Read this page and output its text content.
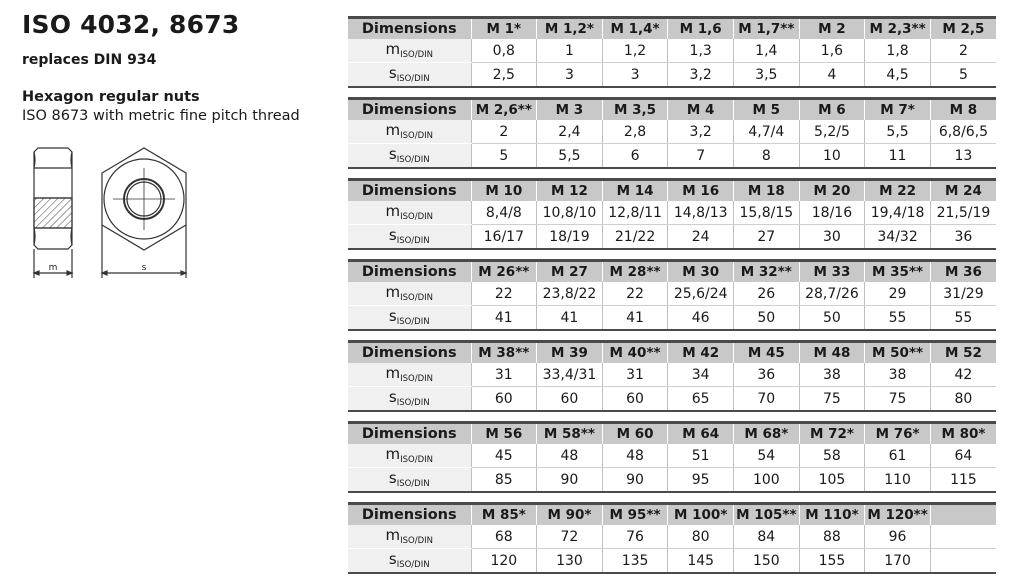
ISO 4032, 8673
replaces DIN 934
Hexagon regular nuts
ISO 8673 with metric fine pitch thread
m	s
Dimensions	M 1*	M 1,2*	M 1,4*	M 1,6	M 1,7**	M 2	M 2,3**	M 2,5
$m_{ISO/DIN}$	0,8	1	1,2	1,3	1,4	1,6	1,8	2
$s_{ISO/DIN}$	2,5	3	3	3,2	3,5	4	4,5	5
Dimensions	M 2,6**	M 3	M 3,5	M 4	M 5	M 6	M 7*	M 8
$m_{ISO/DIN}$	2	2,4	2,8	3,2	4,7/4	5,2/5	5,5	6,8/6,5
$s_{ISO/DIN}$	5	5,5	6	7	8	10	11	13
Dimensions	M 10	M 12	M 14	M 16	M 18	M 20	M 22	M 24
$m_{ISO/DIN}$	8,4/8	10,8/10	12,8/11	14,8/13	15,8/15	18/16	19,4/18	21,5/19
$s_{ISO/DIN}$	16/17	18/19	21/22	24	27	30	34/32	36
Dimensions	M 26**	M 27	M 28**	M 30	M 32**	M 33	M 35**	M 36
$m_{ISO/DIN}$	22	23,8/22	22	25,6/24	26	28,7/26	29	31/29
$s_{ISO/DIN}$	41	41	41	46	50	50	55	55
Dimensions	M 38**	M 39	M 40**	M 42	M 45	M 48	M 50**	M 52
$m_{ISO/DIN}$	31	33,4/31	31	34	36	38	38	42
$s_{ISO/DIN}$	60	60	60	65	70	75	75	80
Dimensions	M 56	M 58**	M 60	M 64	M 68*	M 72*	M 76*	M 80*
$m_{ISO/DIN}$	45	48	48	51	54	58	61	64
$s_{ISO/DIN}$	85	90	90	95	100	105	110	115
Dimensions	M 85*	M 90*	M 95**	M 100*	M 105**	M 110*	M 120**	
$m_{ISO/DIN}$	68	72	76	80	84	88	96	
$s_{ISO/DIN}$	120	130	135	145	150	155	170	
